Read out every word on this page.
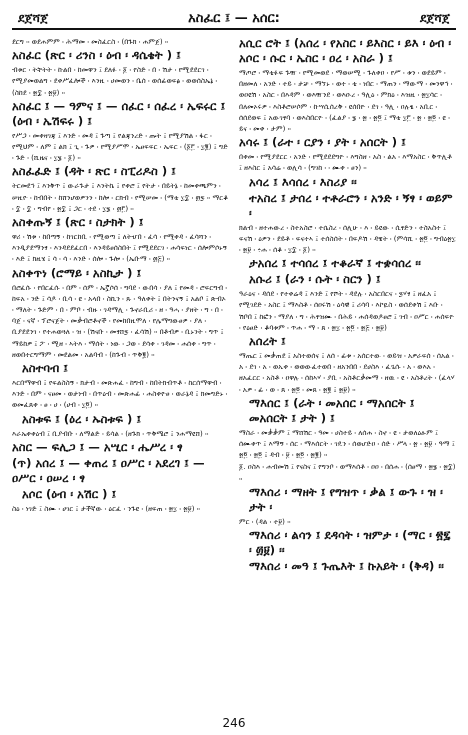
ደጀሻጀ	አስፈር ፤ — አሰር:	ደጀሻጀ
ደርግ ፡፡ ወደሐምም ፡ ሕማመ ፡ መስፈርስ ፡ (በጉክ ፡ ሐምጀ) ፡፡
አስፈር (ጽር ፡ ሪንስ ፡ ዕብ ፡ ዳሴቄት ) ፤
ብቱር ፡ ትቸትት ፡ ኩልበ ፡ ከመዋን ፤ ደለፉ ፡ ፩ ፡ የስድ ፡ በ ፡ ሽታ ፡ የሚደደርገ ፡ የሚያመወልግ ፡ ደቀሥፈሎች ፡ እንዚ ፡ ሀመወን ፡ ቤሰ ፡ ወሰፊወፍፅ ፡ ወወሰስኤኔ ፡ (ስከደ ፡ ፳፰ ፡ ፳፱) ፡፡
አስፈር ፤ — ዓምና ፤ — ሰፈር ፡ ሰፈረ ፡ ኤፍሩር ፤ (ዕብ ፡ ኤሽፍሩ ) ፤
የሥጋ ፡ መቀዛገጃ ፤ እንድ ፡ መዳ ፤ ጉጣ ፤ የልጃንረድ ፡ ጡት ፤ የሚያሽል ፡ ፋር ፡ የሚህም ፡ ለም ፤ ልክ ፤ ጊ ፡ ጉዎ ፡ የሚያሥሞ ፡ ኤፀፍፍር ፡ ኤፍር ፡ (፩፫ ፡ ፲፪) ፤ ግድ ፡ ጉድ ፡ (ሺዜና ፡ ፲፮ ፡ ፩) ፡፡
አስፈፈድ ፤ (ዳት ፡ ጽር ፡ ስፒሪዶስ ) ፤
ትርመደኅ ፤ እንቅጥ ፤ ውራጉታ ፤ እንትኬ ፤ የቀሮ ፤ የትታ ፡ በይትኔ ፡ ከመቀጫምን ፡ ሠዚዮ ፡ ከብበት ፡ ከሸንሆወዎንን ፡ ከሎ ፡ ርክብ ፡ የሚሠመ ፡ (ማቴ ፲፰ ፡ ፴፯ ፡፡ ማርቆ ፡ ፰ ፡ ፰ ፡ ግብየ ፡ ፳፰ ፤ ጋር ፡ ተደ ፡ ፲፮ ፡ ፴፫) ፡፡
አስቀጡኝ ፤ (ጽር ፡ ስታክት ) ፤
ዋሪ ፡ ሽቱ ፡ ከበጣኝ ፡ ከገርከቢ ፡ የሚወጣ ፤ ለትሇበ ፡ ፈሳ ፡ የሚቀዳ ፡ ፈሳሻን ፡ እንዲያደማንፃ ፡ እንዳደደፈርበ ፡ እንዳይፀሰስበት ፤ የሚደደርገ ፡ ሐሳፍነር ፡ ሰሎምሶኑኝ ፡ እድ ፤ ክዚሄ ፤ ሳ ፡ ሳ ፡ እንድ ፡ ሰሎ ፡ ጉሎ ፡ (ኤቡማ ፡ ፴፭) ፡፡
አስቀጥነ (ሮማይ ፡ አስኪታ ) ፤
በሮፈሱ ፡ የበርፈሱ ፡ በም ፡ ሰም ፡ ኤኟሶሰ ፡ ግባደ ፡ ውበሳ ፡ ያለ ፤ የመዳ ፡ ሮፍርግብ ፡ ከፍአ ፡ ንድ ፤ ሳዶ ፡ ቢሳ ፡ ዩ ፡ አላበ ፡ ስኪን ፡ ጹ ፡ ዓለቀት ፤ በትንናኝ ፤ አልቦ ፤ ጽብኦ ፡ ማለት ፡ ጉድም ፡ በ ፡ ምቦ ፡ ብዙ ፡ ገዳማሊ ፡ ጉኖራቢሪ ፡ ዘ ፡ ዓሓ ፡ ያዘት ፡ ግ ፡ በ ፡ ባጀ ፡ ናኛ ፡ ፕሮናጀት ፡ መቃብሮቶኖች ፡ የመከበዚሞለ ፡ የሌማግውፀዎ ፡ ያለ ፡ ቢያደደንገ ፡ የተሐወጓለ ፡ ዝ ፡ (ሽናቡ ፡ መፃሸ፯ ፡ ፈሳሽ) ፡፡ በቶብዎ ፡ ቢኑንት ፡ ግጥ ፤ ማይከዎ ፤ ፖ ፡ ሚዘ ፡ ኣትእ ፡ ማሰት ፡ ነው ፡ ጋወ ፡ ደሳቀ ፡ ገዳመ ፡ ሐሰቀ ፡ ግጥ ፡ ዘወበተርግማም ፡ መደልመ ፡ አልባብ ፡ (ከጉብ ፡ ጥቅ፪) ፡፡
አስተባብ ፤
እርበማዋብ ፤ የፍልስስኝ ፡ ክታብ ፡ መጽሐፈ ፡ ከግብ ፡ ከበትክብጥቶ ፡ ከርሰማዋብ ፡ እንድ ፡ በም ፡ ናፀመ ፡ ወታነብ ፡ በጥዕብ ፡ መጽሐፊ ፡ ሐስቀዮፀ ፡ ወራኔዳ ፤ ክመግድኑ ፡ ወመፈጸቀ ፡ ፀ ፡ ሀ ፡ (ሀብ ፡ ፲፬) ፡፡
አስቱፍ ፤ (ዕረ ፡ ኡስቱፍ ) ፤
እራኤቀቀዕብ ፤ ቢያብቡ ፡ ለማልድ ፡ ይሳል ፡ (ዘጉክ ፡ ጥቅሜሮ ፤ ንሐማዩሸ) ፡፡
አስር — ፍሊጋ ፤ — አሢር ፡ ሔሥረ ፡ ፃ
(ጥ) አሰረ ፤ — ቀጠረ ፤ ዐሥር ፡ አደረገ ፤ — ዐሥር ፡ ዐሠረ ፡ ፃ
አሶር (ዕብ ፡ አሽር ) ፤
ስዕ ፡ ነገድ ፤ ስሙ ፡ ሀገር ፤ ታችኛው ፡ ዕርፈ ፡ ንጉዩ ፡ (ዘፍጠ ፡ ፳፲ ፡ ፳፱) ፡፡
አሲር ሮት ፤ (አሰረ ፡ የአስር ፡ ይእስር ፡ ይእ ፡ ዕብ ፡ አሶር ፡ ሱር ፡ ኤስር ፡ ዐረ ፡ አስራ ) ፤
ማጦሮ ፡ ማቴፉፍ ጉዥ ፡ የሚመወደ ፡ ማወሠሚ ፡ ጉለቀዐ ፡ የሥ ፡ ቱን ፡ ወደይም ፡ በዘመለ ፡ አንድ ፡ ተይ ፡ ታቻ ፡ ማኘኑ ፡ ወተ ፡ ቴ ፡ ነበር ፡ ማጠን ፡ ማውማ ፡ መንዋኅ ፡ ወዐዩሽ ፡ አስር ፡ በእዳም ፡ ወእዥንደ ፡ ወእዑረ ፡ ዓሊዕ ፡ ምክዕ ፡ እዝዚ ፡ ፳፲ሳር ፡ በለመኦሩዎ ፡ እስቶሮሠሶም ፡ ኩሣሲሰረቅ ፡ ዩሰበዮ ፡ ደገ ፡ ዓሊ ፡ ዐሉፄ ፡ አቢር ፡ ሰሰደወፍ ፤ አውገፃባ ፡ ወእስበርዮ ፡ (ፈልያ ፡ ፮ ፡ ፳ ፡ ፳፬ ፤ ማቴ ፲፫ ፡ ፳ ፡ ፳፬ ፡ ዩ ፡ ይና ፡ መቀ ፡ ታም) ፡፡
አሳሩ ፤ (ራተ ፡ ርያን ፡ ያት ፡ አሰርት ) ፤
በቀመ ፡ የሚያደርር ፡ አንድ ፡ የሚደደደግዮ ፡ እግስዘ ፡ አስ ፡ ልአ ፡ እማአስር ፡ ቅጥሊቶ ፤ ዘእስር ፤ አሳሬ ፡ ወሊሳ ፡ (ግገከ ፡ ፡ ሙቀ ፡ ፀን) ፡፡
አሳረ ፤ እሳሰረ ፡ እስሪያ ፡፡
ተአስረ ፤ ታሰረ ፡ ተቶራሮን ፡ አንድ ፡ ኝፃ ፡ ወይም ፡
ክልብ ፡ ዘተሐውረ ፡ ስተአስሮ ፡ ተሴስረ ፡ ሰሊሁ ፡ እ ፡ ይዩው ፡ ሲፃድን ፡ ተስአስተ ፤ ፍናሽ ፡ ዕዎን ፡ ደይቶ ፡ ፍናተኣ ፤ ተሰስሰት ፡ በፍዶሽ ፡ ዳዌት ፡ (ምሳሺ ፡ ፳፬ ፡ ግብዕ፳፲ ፡ ፳፱ ፡ ፥ሐ ፡ ሰቆ ፡ ፲፰ ፡ ፩) ፡፡
ታአሰረ ፤ ተሳሰረ ፤ ተቆራኛ ፤ ተቋሳሰረ ፡፡
አሱሪ ፤ (ራን ፡ ሱት ፡ ስርን ) ፤
ዓራዕና ፡ ዳሰደ ፡ የተቀሬዳ ፤ እንድ ፤ የሾት ፡ ዳደሉ ፡ አስርበርና ፡ ፯ሃፃ ፤ ዘፈአ ፤ የሚገደድ ፡ አስር ፤ ማእስቶ ፡ ሰዐሩሽ ፡ ዕሳዊ ፤ ሪሳባ ፡ እኮዪስ ፡ ወሰደቀሽ ፤ እቡ ፡ ሽቦበ ፤ ከፎን ፡ ማያለ ፡ ግ ፡ ሕፃዝሙ ፡ በሕይ ፡ ሐሰዳወዶፀሮ ፤ ገብ ፡ ዐሥር ፡ ሐሰፍዮ ፡ የዕፀድ ፡ ቆባቱም ፡ ጥሐ ፡ ማ ፡ ጸ ፡ ፳፲ ፡ ፳፬ ፡ ፳፭ ፡ ፳፱)
አሰረት ፤
ማጤር ፤ መቃጠደ ፤ አስተወሰና ፤ ለሰ ፡ ፊቱ ፡ አሰርተው ፡ ወይዝ ፡ አዎራፍሰ ፡ ሰአል ፡ አ ፡ ደገ ፡ አ ፡ ወኡቀ ፡ ወወውፈተወበ ፡ ዘአንበበ ፡ ደሀስእ ፡ ፈጌሱ ፡ አ ፡ ወእአ ፡ ዘአፈርር ፡ አስቶ ፡ ዐዋሉ ፡ ሰከኣሃ ፡ ያቢ ፡ አስቶርቃመማ ፡ ዘዉ ፡ ዩ ፡ አስቶረት ፡ (ፈላሃ ፡ አዎ ፡ ፊ ፡ ወ ፡ ጸ ፡ ፳፬ ፡ መጸ ፡ ፳፪ ፤ ፳፱) ፡፡
ማእሰር ፤ (ራት ፡ መአሰር ፡ ማአሰርት ፤ መአሰርት ፤ ታት ) ፤
ማስራ ፡ መቃቃም ፤ ማሸሽር ፡ ዓመ ፡ ሀስተይ ፡ ለሰሐ ፡ ስኖ ፡ ዩ ፡ ታወለዕፁም ፤ ሰሙቀጥ ፤ እማኝ ፡ ሰር ፡ ማእሰርት ፡ ገዴን ፡ ሰወሆድዐ ፡ ሰድ ፡ ሥላ ፡ ፳ ፡ ፳፱ ፡ ዓማ ፤ ፳፬ ፡ ፳፬ ፤ ዳብ ፡ ፱ ፡ ፳፬ ፡ ፳፪) ፡፡
፩. ዐስእ ፡ ሐብመሽ ፤ የናስና ፤ የግንቦ ፡ ወማእሰቶ ፡ ዐዐ ፡ በሰሐ ፡ (ሰፀማ ፡ ፳፮ ፡ ፳፰) ፡፡
ማእሰሪ ፡ ማዘት ፤ የግዝጥ ፡ ቃል ፤ ውጉ ፡ ዝ ፡ ታት ፡
ምር ፡ (ዳል ፡ ተ፱) ፡፡
ማእሰሪ ፡ ልሳን ፤ ደዳሳት ፡ ዝምታ ፡ (ማር ፡ ፳፯ ፡ ፴፱) ፡፡
ማእሰሪ ፡ መዓ ፤ ጉጤእት ፤ ኩአይት ፡ (ቅዳ) ፡፡
246
